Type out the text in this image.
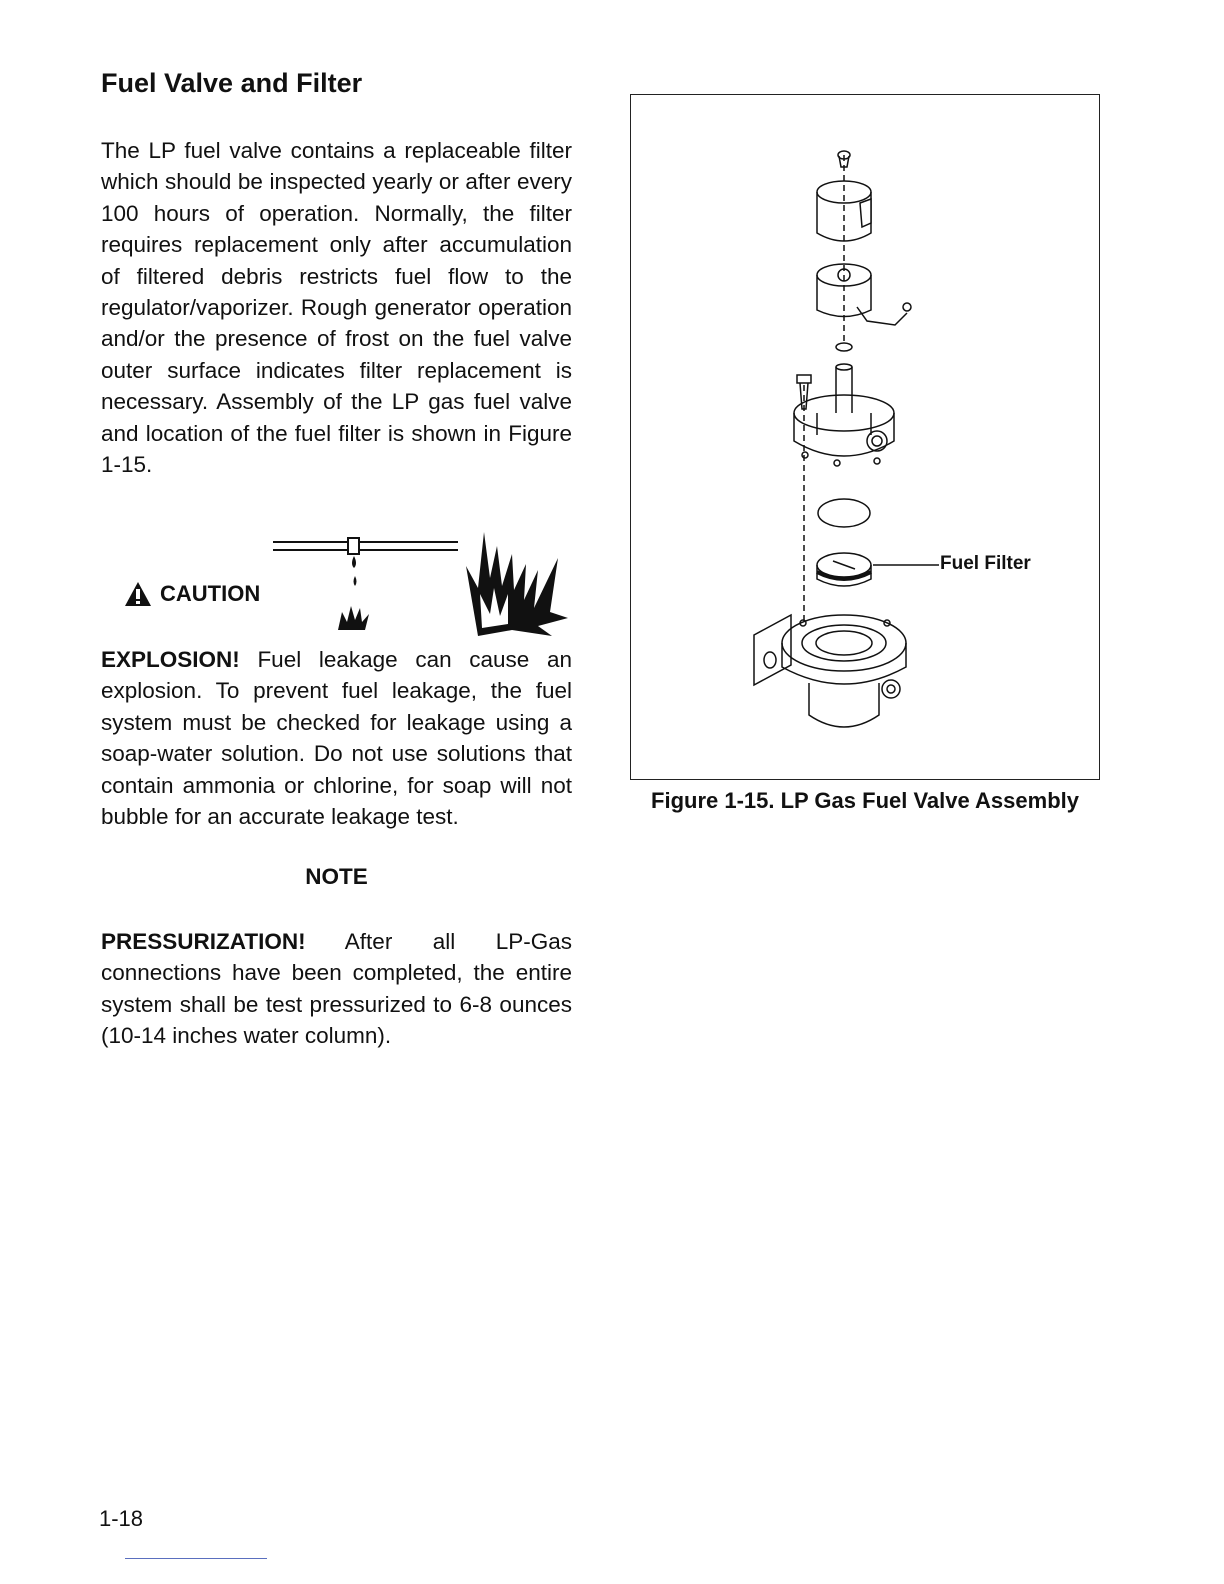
Fuel Valve and Filter

The LP fuel valve contains a replaceable filter which should be inspected yearly or after every 100 hours of operation. Normally, the filter requires replacement only after accumulation of filtered debris restricts fuel flow to the regulator/vaporizer. Rough generator operation and/or the presence of frost on the fuel valve outer surface indicates filter replacement is necessary. Assembly of the LP gas fuel valve and location of the fuel filter is shown in Figure 1-15.

CAUTION

EXPLOSION! Fuel leakage can cause an explosion. To prevent fuel leakage, the fuel system must be checked for leakage using a soap-water solution. Do not use solutions that contain ammonia or chlorine, for soap will not bubble for an accurate leakage test.

NOTE

PRESSURIZATION! After all LP-Gas connections have been completed, the entire system shall be test pressurized to 6-8 ounces (10-14 inches water column).

Fuel Filter
Figure 1-15. LP Gas Fuel Valve Assembly
1-18
